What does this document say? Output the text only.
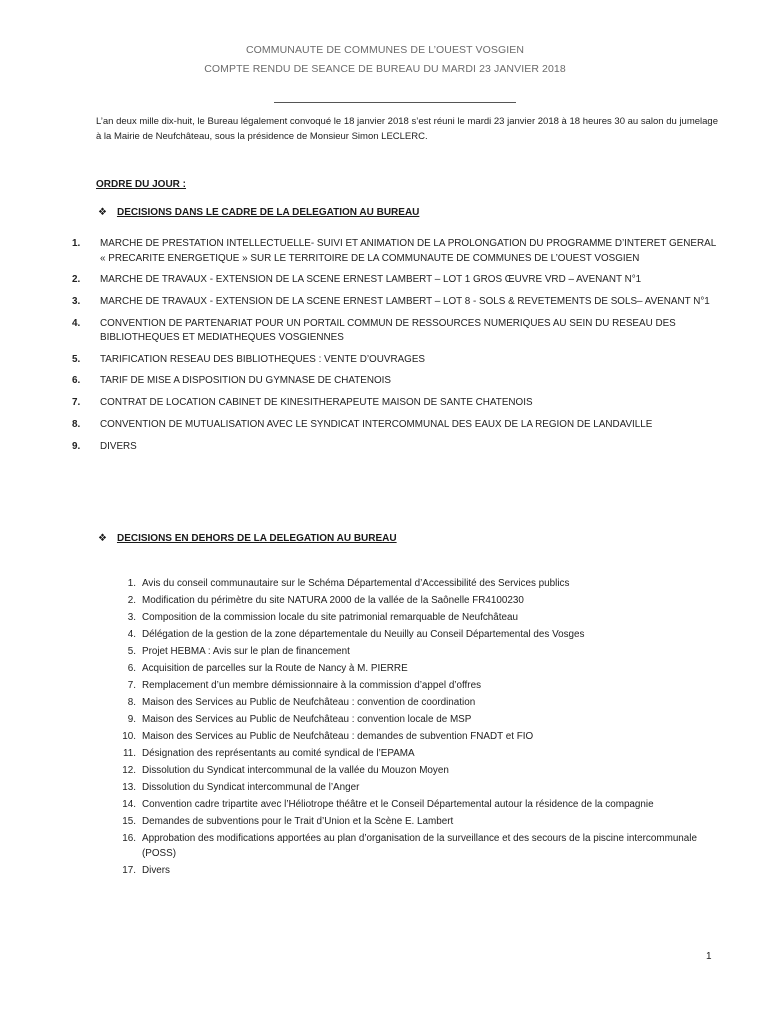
COMMUNAUTE DE COMMUNES DE L’OUEST VOSGIEN
COMPTE RENDU DE SEANCE DE BUREAU DU MARDI 23 JANVIER 2018
L’an deux mille dix-huit, le Bureau légalement convoqué le 18 janvier 2018 s’est réuni le mardi 23 janvier 2018 à 18 heures 30 au salon du jumelage à la Mairie de Neufchâteau, sous la présidence de Monsieur Simon LECLERC.
ORDRE DU JOUR :
❖ DECISIONS DANS LE CADRE DE LA DELEGATION AU BUREAU
1. MARCHE DE PRESTATION INTELLECTUELLE- SUIVI ET ANIMATION DE LA PROLONGATION DU PROGRAMME D’INTERET GENERAL « PRECARITE ENERGETIQUE » SUR LE TERRITOIRE DE LA COMMUNAUTE DE COMMUNES DE L’OUEST VOSGIEN
2. MARCHE DE TRAVAUX - EXTENSION DE LA SCENE ERNEST LAMBERT – LOT 1 GROS ŒUVRE VRD – AVENANT N°1
3. MARCHE DE TRAVAUX - EXTENSION DE LA SCENE ERNEST LAMBERT – LOT 8 - SOLS & REVETEMENTS DE SOLS– AVENANT N°1
4. CONVENTION DE PARTENARIAT POUR UN PORTAIL COMMUN DE RESSOURCES NUMERIQUES AU SEIN DU RESEAU DES BIBLIOTHEQUES ET MEDIATHEQUES VOSGIENNES
5. TARIFICATION RESEAU DES BIBLIOTHEQUES : VENTE D’OUVRAGES
6. TARIF DE MISE A DISPOSITION DU GYMNASE DE CHATENOIS
7. CONTRAT DE LOCATION CABINET DE KINESITHERAPEUTE MAISON DE SANTE CHATENOIS
8. CONVENTION DE MUTUALISATION AVEC LE SYNDICAT INTERCOMMUNAL DES EAUX DE LA REGION DE LANDAVILLE
9. DIVERS
❖ DECISIONS EN DEHORS DE LA DELEGATION AU BUREAU
1. Avis du conseil communautaire sur le Schéma Départemental d’Accessibilité des Services publics
2. Modification du périmètre du site NATURA 2000 de la vallée de la Saônelle FR4100230
3. Composition de la commission locale du site patrimonial remarquable de Neufchâteau
4. Délégation de la gestion de la zone départementale du Neuilly au Conseil Départemental des Vosges
5. Projet HEBMA : Avis sur le plan de financement
6. Acquisition de parcelles sur la Route de Nancy à M. PIERRE
7. Remplacement d’un membre démissionnaire à la commission d’appel d’offres
8. Maison des Services au Public de Neufchâteau : convention de coordination
9. Maison des Services au Public de Neufchâteau : convention locale de MSP
10. Maison des Services au Public de Neufchâteau : demandes de subvention FNADT et FIO
11. Désignation des représentants au comité syndical de l’EPAMA
12. Dissolution du Syndicat intercommunal de la vallée du Mouzon Moyen
13. Dissolution du Syndicat intercommunal de l’Anger
14. Convention cadre tripartite avec l’Héliotrope théâtre et le Conseil Départemental autour la résidence de la compagnie
15. Demandes de subventions pour le Trait d’Union et la Scène E. Lambert
16. Approbation des modifications apportées au plan d’organisation de la surveillance et des secours de la piscine intercommunale (POSS)
17. Divers
1
